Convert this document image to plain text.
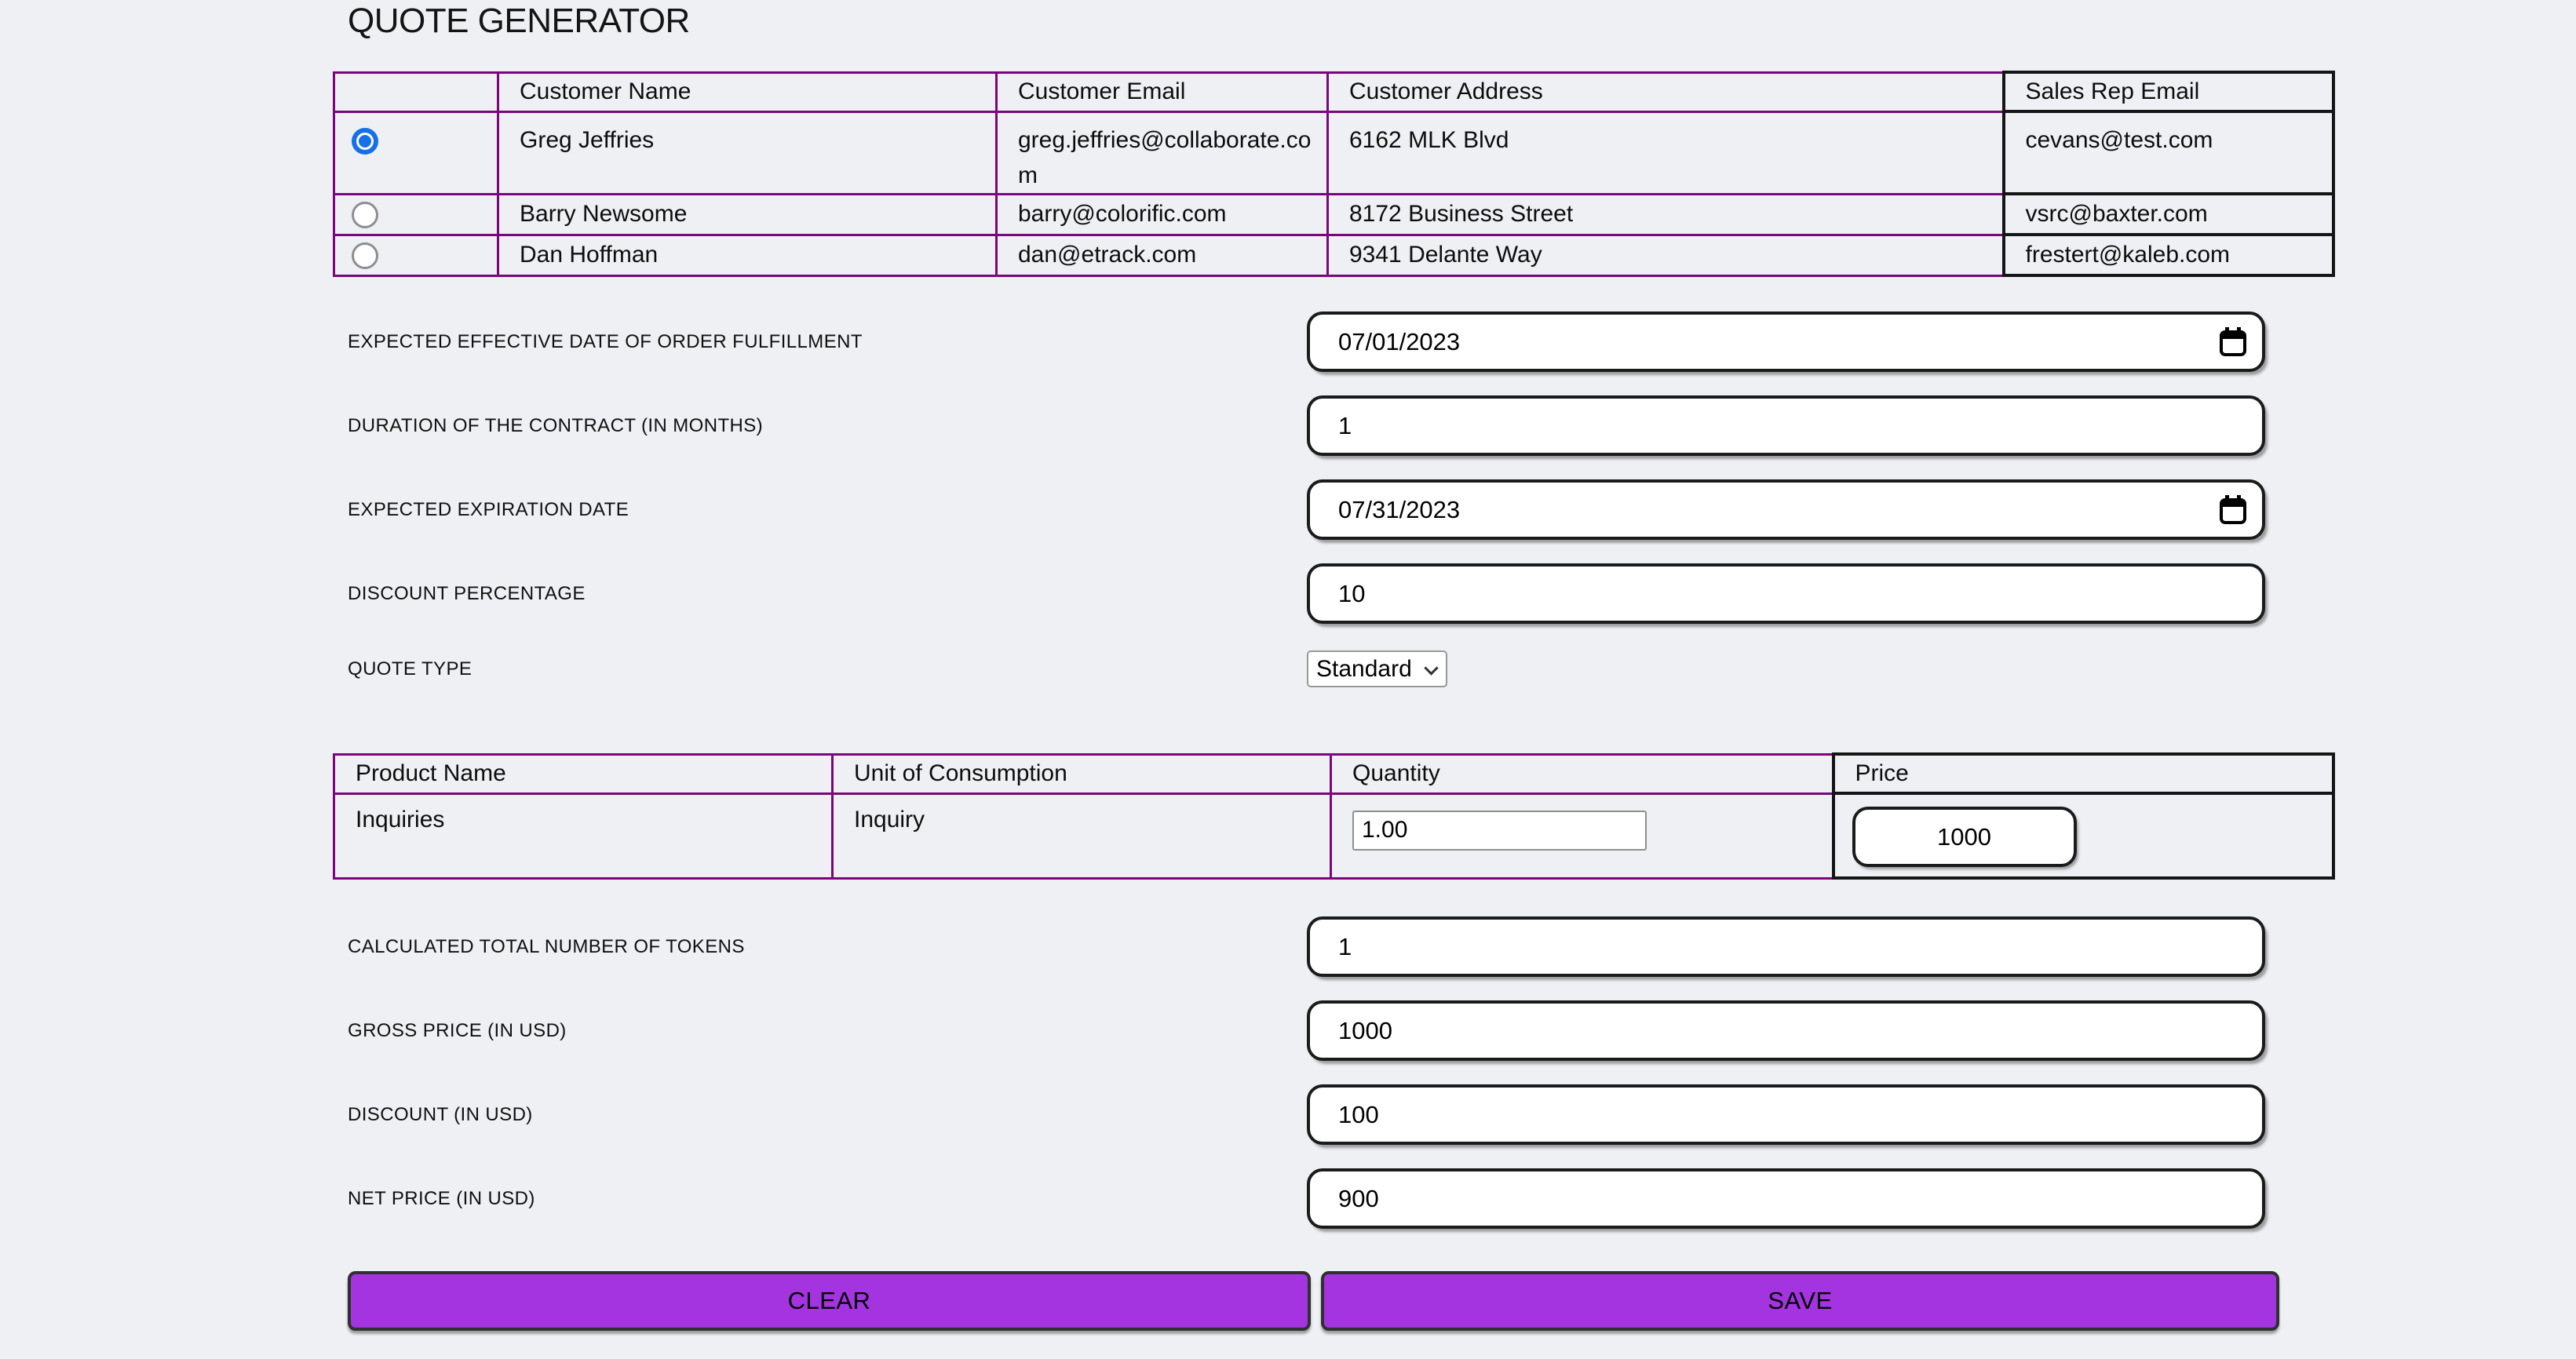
QUOTE GENERATOR
	Customer Name	Customer Email	Customer Address	Sales Rep Email
	Greg Jeffries	greg.jeffries@collaborate.com	6162 MLK Blvd	cevans@test.com
	Barry Newsome	barry@colorific.com	8172 Business Street	vsrc@baxter.com
	Dan Hoffman	dan@etrack.com	9341 Delante Way	frestert@kaleb.com
EXPECTED EFFECTIVE DATE OF ORDER FULFILLMENT
07/01/2023
DURATION OF THE CONTRACT (IN MONTHS)
1
EXPECTED EXPIRATION DATE
07/31/2023
DISCOUNT PERCENTAGE
10
QUOTE TYPE
Standard
Product Name	Unit of Consumption	Quantity	Price
Inquiries	Inquiry	1.00	1000
CALCULATED TOTAL NUMBER OF TOKENS
1
GROSS PRICE (IN USD)
1000
DISCOUNT (IN USD)
100
NET PRICE (IN USD)
900
CLEAR	SAVE
